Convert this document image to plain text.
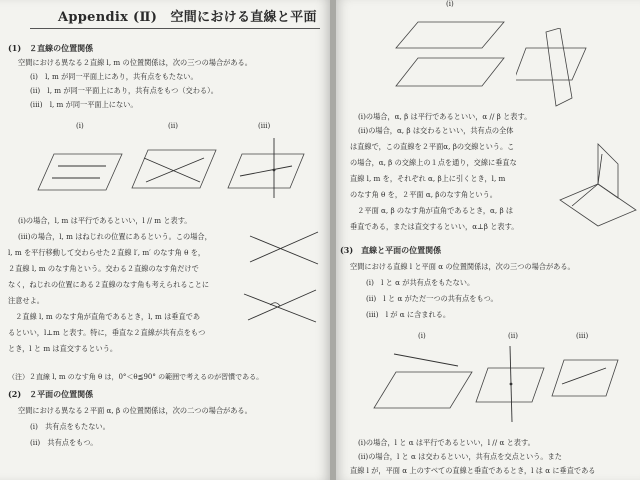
Appendix (Ⅱ)　空間における直線と平面
(1)　２直線の位置関係
空間における異なる２直線 l, m の位置関係は，次の三つの場合がある。
(i)　l, m が同一平面上にあり，共有点をもたない。
(ii)　l, m が同一平面上にあり，共有点をもつ（交わる）。
(iii)　l, m が同一平面上にない。
(i)	(ii)	(iii)
(i)の場合，l, m は平行であるといい，l // m と表す。
(iii)の場合，l, m はねじれの位置にあるという。この場合，
l, m を平行移動して交わらせた２直線 l′, m′ のなす角 θ を，
２直線 l, m のなす角という。交わる２直線のなす角だけで
なく，ねじれの位置にある２直線のなす角も考えられることに
注意せよ。
　２直線 l, m のなす角が直角であるとき，l, m は垂直であ
るといい，l⊥m と表す。特に，垂直な２直線が共有点をもつ
とき，l と m は直交するという。
（注）２直線 l, m のなす角 θ は，0°＜θ≦90° の範囲で考えるのが習慣である。
(2)　２平面の位置関係
空間における異なる２平面 α, β の位置関係は，次の二つの場合がある。
(i)　共有点をもたない。
(ii)　共有点をもつ。
(i)
(i)の場合，α, β は平行であるといい，α // β と表す。
(ii)の場合，α, β は交わるといい，共有点の全体
は直線で，この直線を２平面α, βの交線という。こ
の場合，α, β の交線上の１点を通り，交線に垂直な
直線 l, m を，それぞれ α, β上に引くとき，l, m
のなす角 θ を，２平面 α, βのなす角という。
　２平面 α, β のなす角が直角であるとき，α, β は
垂直である，または直交するといい，α⊥β と表す。
(3)　直線と平面の位置関係
空間における直線 l と平面 α の位置関係は，次の三つの場合がある。
(i)　l と α が共有点をもたない。
(ii)　l と α がただ一つの共有点をもつ。
(iii)　l が α に含まれる。
(i)	(ii)	(iii)
(i)の場合，l と α は平行であるといい，l // α と表す。
(ii)の場合，l と α は交わるといい，共有点を交点という。また
直線 l が，平面 α 上のすべての直線と垂直であるとき，l は α に垂直である
